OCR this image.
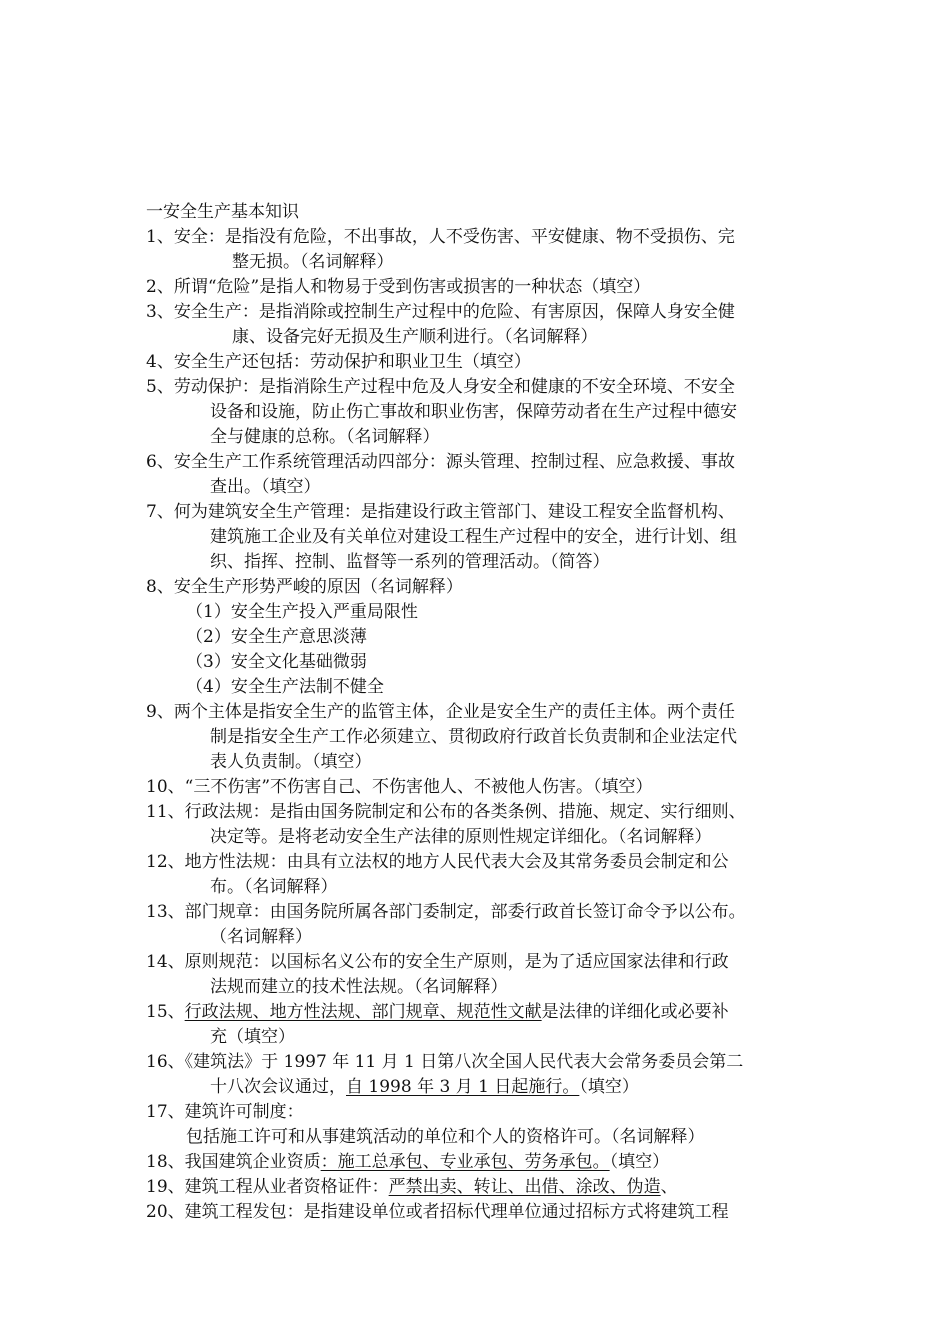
一安全生产基本知识
1、安全：是指没有危险，不出事故，人不受伤害、平安健康、物不受损伤、完
整无损。（名词解释）
2、所谓“危险”是指人和物易于受到伤害或损害的一种状态（填空）
3、安全生产：是指消除或控制生产过程中的危险、有害原因，保障人身安全健
康、设备完好无损及生产顺利进行。（名词解释）
4、安全生产还包括：劳动保护和职业卫生（填空）
5、劳动保护：是指消除生产过程中危及人身安全和健康的不安全环境、不安全
设备和设施，防止伤亡事故和职业伤害，保障劳动者在生产过程中德安
全与健康的总称。（名词解释）
6、安全生产工作系统管理活动四部分：源头管理、控制过程、应急救援、事故
查出。（填空）
7、何为建筑安全生产管理：是指建设行政主管部门、建设工程安全监督机构、
建筑施工企业及有关单位对建设工程生产过程中的安全，进行计划、组
织、指挥、控制、监督等一系列的管理活动。（简答）
8、安全生产形势严峻的原因（名词解释）
（1）安全生产投入严重局限性
（2）安全生产意思淡薄
（3）安全文化基础微弱
（4）安全生产法制不健全
9、两个主体是指安全生产的监管主体，企业是安全生产的责任主体。两个责任
制是指安全生产工作必须建立、贯彻政府行政首长负责制和企业法定代
表人负责制。（填空）
10、“三不伤害”不伤害自己、不伤害他人、不被他人伤害。（填空）
11、行政法规：是指由国务院制定和公布的各类条例、措施、规定、实行细则、
决定等。是将老动安全生产法律的原则性规定详细化。（名词解释）
12、地方性法规：由具有立法权的地方人民代表大会及其常务委员会制定和公
布。（名词解释）
13、部门规章：由国务院所属各部门委制定，部委行政首长签订命令予以公布。
（名词解释）
14、原则规范：以国标名义公布的安全生产原则，是为了适应国家法律和行政
法规而建立的技术性法规。（名词解释）
15、行政法规、地方性法规、部门规章、规范性文献是法律的详细化或必要补
充（填空）
16、《建筑法》于 1997 年 11 月 1 日第八次全国人民代表大会常务委员会第二
十八次会议通过，自 1998 年 3 月 1 日起施行。（填空）
17、建筑许可制度：
包括施工许可和从事建筑活动的单位和个人的资格许可。（名词解释）
18、我国建筑企业资质：施工总承包、专业承包、劳务承包。（填空）
19、建筑工程从业者资格证件：严禁出卖、转让、出借、涂改、伪造、
20、建筑工程发包：是指建设单位或者招标代理单位通过招标方式将建筑工程
